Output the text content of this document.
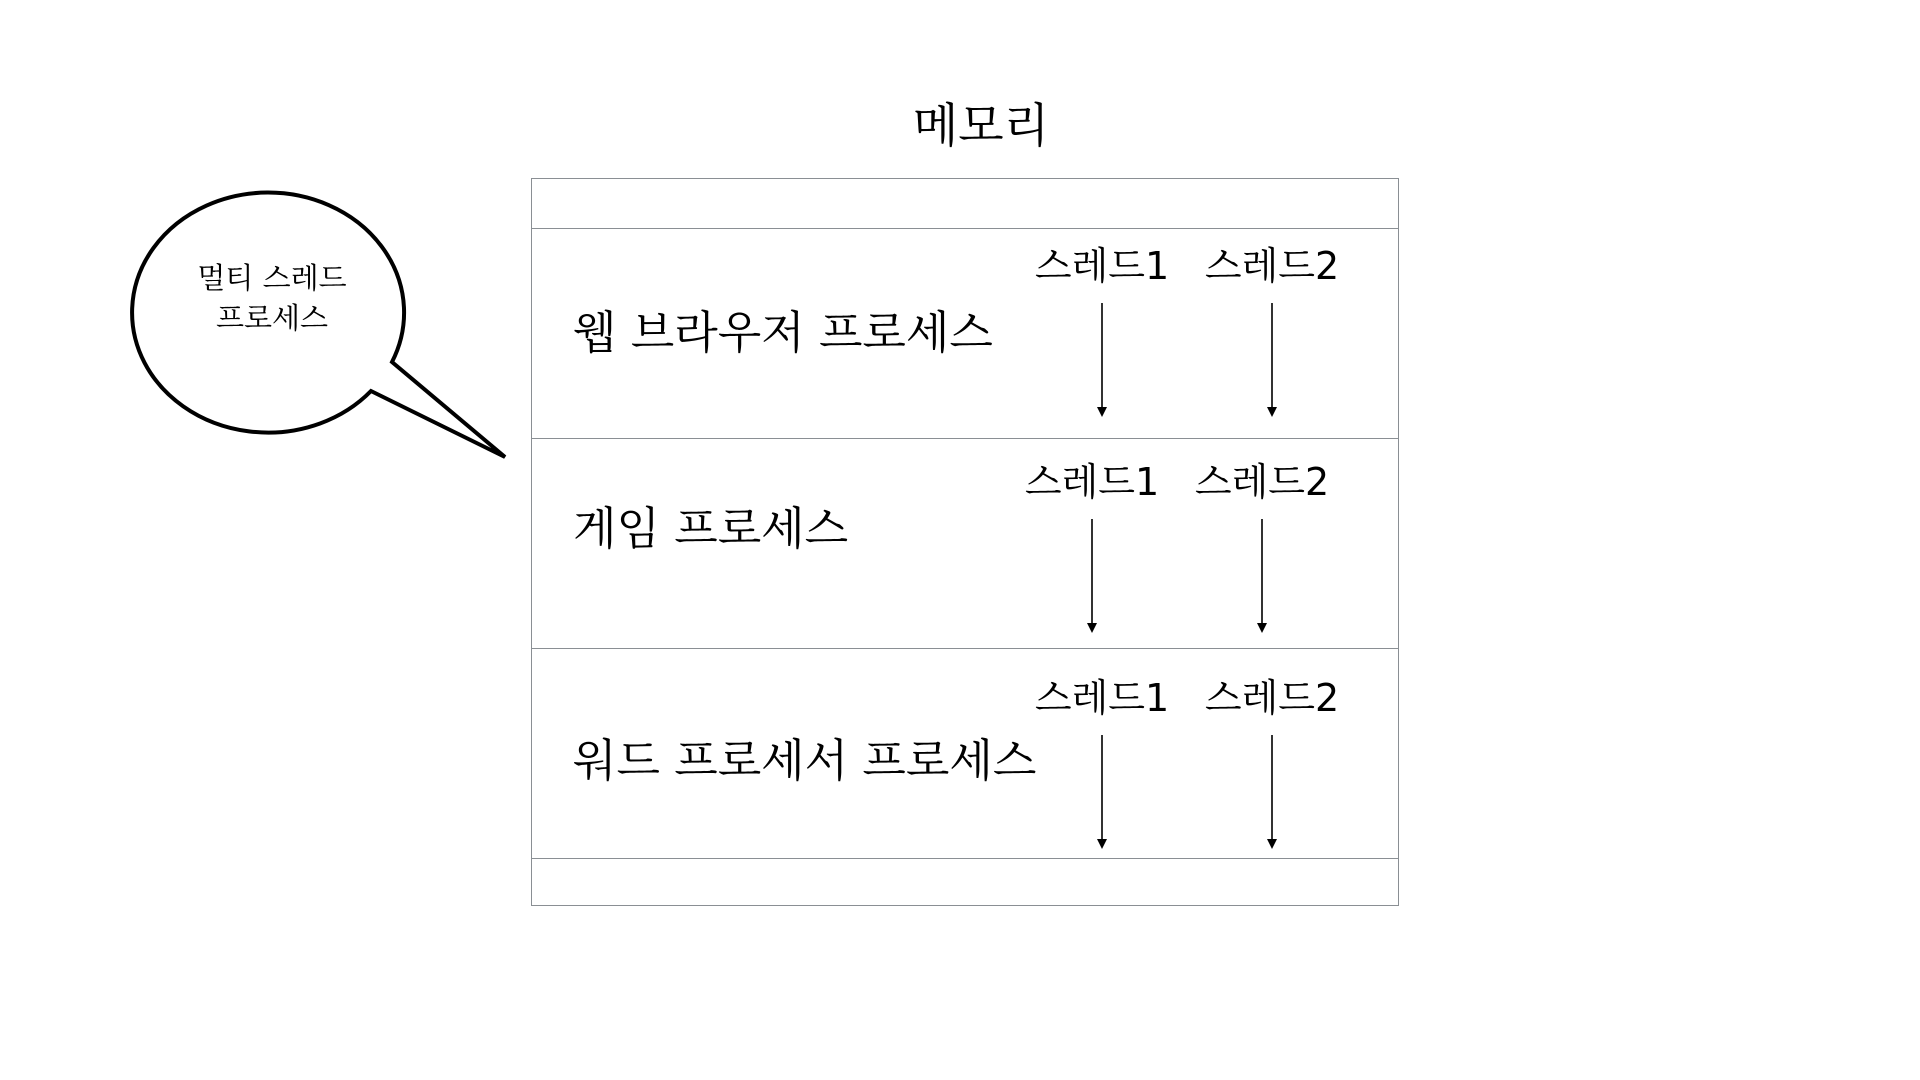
메모리
멀티 스레드
프로세스	웹 브라우저 프로세스
스레드1 스레드2
게임 프로세스
스레드1 스레드2
워드 프로세서 프로세스
스레드1 스레드2
